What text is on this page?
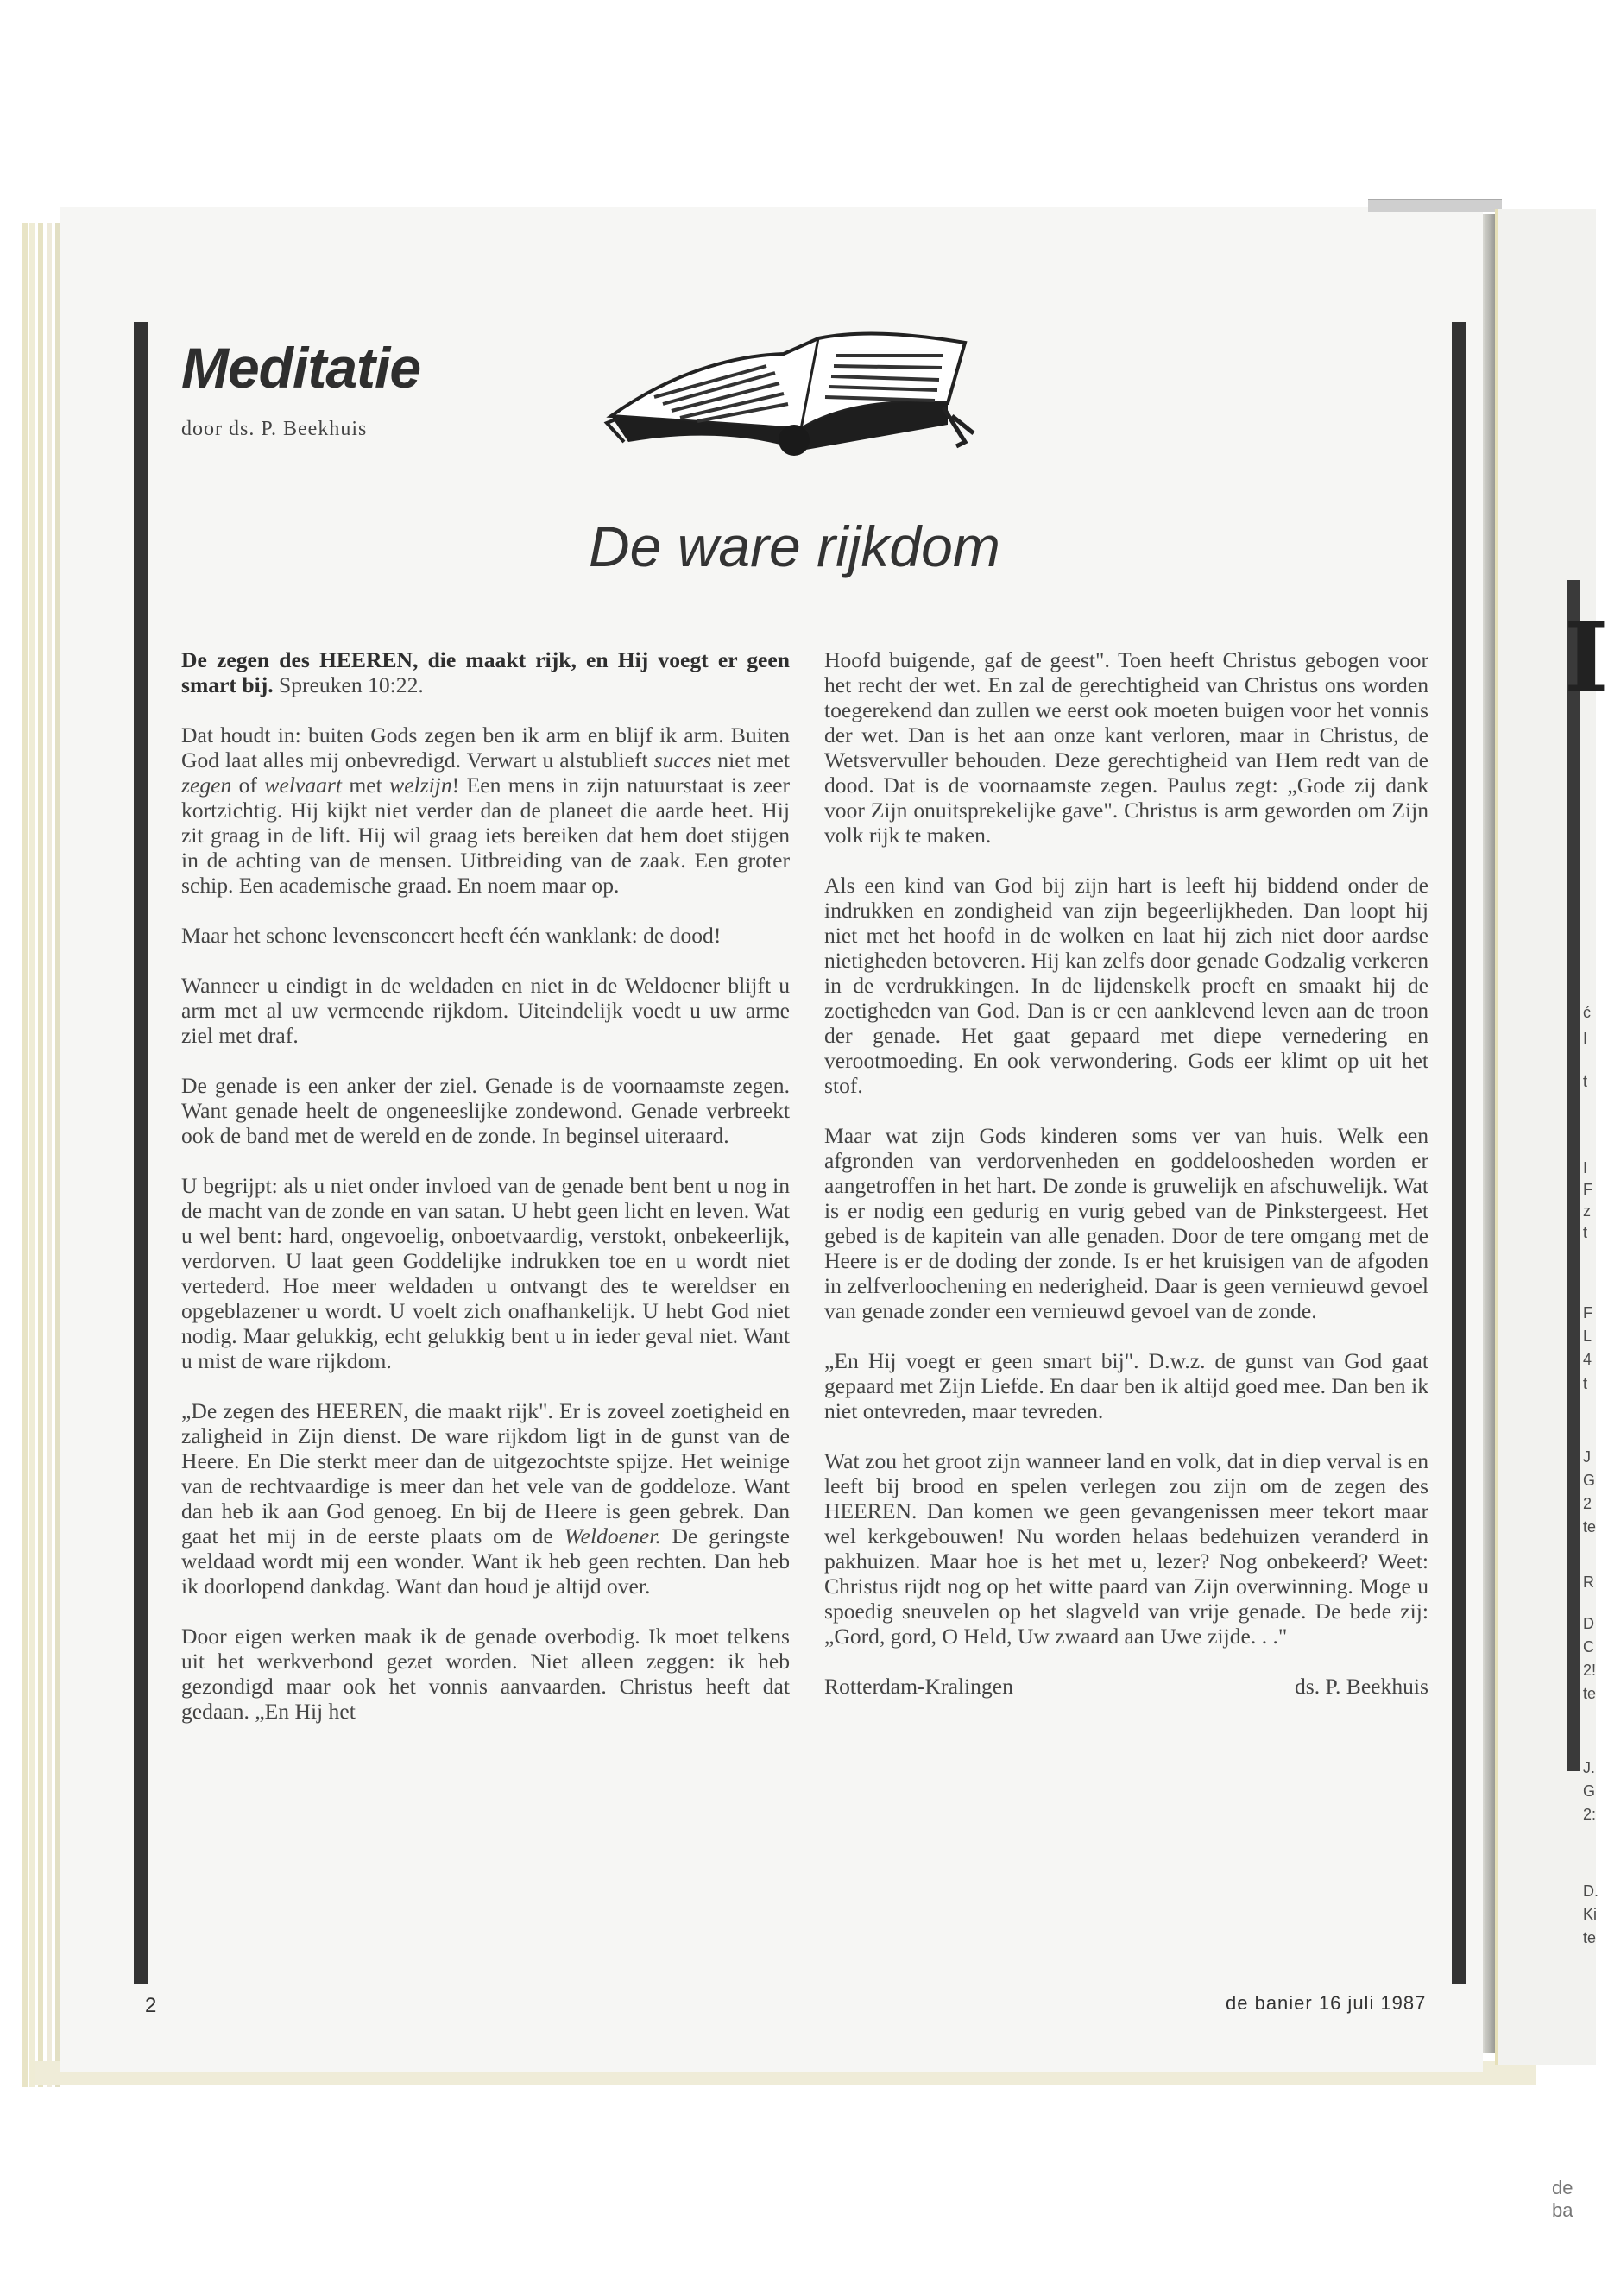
I
ć
I
t
I
F
z
t
F
L
4
t
J
G
2
te
R
D
C
2!
te
J.
G
2:
D.
Ki
te
de ba
Meditatie
door ds. P. Beekhuis
De ware rijkdom

De zegen des HEEREN, die maakt rijk, en Hij voegt er geen smart bij. Spreuken 10:22.

Dat houdt in: buiten Gods zegen ben ik arm en blijf ik arm. Buiten God laat alles mij onbevredigd. Verwart u alstublieft succes niet met zegen of welvaart met welzijn! Een mens in zijn natuurstaat is zeer kortzichtig. Hij kijkt niet verder dan de planeet die aarde heet. Hij zit graag in de lift. Hij wil graag iets bereiken dat hem doet stijgen in de achting van de mensen. Uitbreiding van de zaak. Een groter schip. Een academische graad. En noem maar op.

Maar het schone levensconcert heeft één wanklank: de dood!

Wanneer u eindigt in de weldaden en niet in de Weldoener blijft u arm met al uw vermeende rijkdom. Uiteindelijk voedt u uw arme ziel met draf.

De genade is een anker der ziel. Genade is de voornaamste zegen. Want genade heelt de ongeneeslijke zondewond. Genade verbreekt ook de band met de wereld en de zonde. In beginsel uiteraard.

U begrijpt: als u niet onder invloed van de genade bent bent u nog in de macht van de zonde en van satan. U hebt geen licht en leven. Wat u wel bent: hard, ongevoelig, onboetvaardig, verstokt, onbekeerlijk, verdorven. U laat geen Goddelijke indrukken toe en u wordt niet vertederd. Hoe meer weldaden u ontvangt des te wereldser en opgeblazener u wordt. U voelt zich onafhankelijk. U hebt God niet nodig. Maar gelukkig, echt gelukkig bent u in ieder geval niet. Want u mist de ware rijkdom.

„De zegen des HEEREN, die maakt rijk". Er is zoveel zoetigheid en zaligheid in Zijn dienst. De ware rijkdom ligt in de gunst van de Heere. En Die sterkt meer dan de uitgezochtste spijze. Het weinige van de rechtvaardige is meer dan het vele van de goddeloze. Want dan heb ik aan God genoeg. En bij de Heere is geen gebrek. Dan gaat het mij in de eerste plaats om de Weldoener. De geringste weldaad wordt mij een wonder. Want ik heb geen rechten. Dan heb ik doorlopend dankdag. Want dan houd je altijd over.

Door eigen werken maak ik de genade overbodig. Ik moet telkens uit het werkverbond gezet worden. Niet alleen zeggen: ik heb gezondigd maar ook het vonnis aanvaarden. Christus heeft dat gedaan. „En Hij het

Hoofd buigende, gaf de geest". Toen heeft Christus gebogen voor het recht der wet. En zal de gerechtigheid van Christus ons worden toegerekend dan zullen we eerst ook moeten buigen voor het vonnis der wet. Dan is het aan onze kant verloren, maar in Christus, de Wetsvervuller behouden. Deze gerechtigheid van Hem redt van de dood. Dat is de voornaamste zegen. Paulus zegt: „Gode zij dank voor Zijn onuitsprekelijke gave". Christus is arm geworden om Zijn volk rijk te maken.

Als een kind van God bij zijn hart is leeft hij biddend onder de indrukken en zondigheid van zijn begeerlijkheden. Dan loopt hij niet met het hoofd in de wolken en laat hij zich niet door aardse nietigheden betoveren. Hij kan zelfs door genade Godzalig verkeren in de verdrukkingen. In de lijdenskelk proeft en smaakt hij de zoetigheden van God. Dan is er een aanklevend leven aan de troon der genade. Het gaat gepaard met diepe vernedering en verootmoeding. En ook verwondering. Gods eer klimt op uit het stof.

Maar wat zijn Gods kinderen soms ver van huis. Welk een afgronden van verdorvenheden en goddeloosheden worden er aangetroffen in het hart. De zonde is gruwelijk en afschuwelijk. Wat is er nodig een gedurig en vurig gebed van de Pinkstergeest. Het gebed is de kapitein van alle genaden. Door de tere omgang met de Heere is er de doding der zonde. Is er het kruisigen van de afgoden in zelfverloochening en nederigheid. Daar is geen vernieuwd gevoel van genade zonder een vernieuwd gevoel van de zonde.

„En Hij voegt er geen smart bij". D.w.z. de gunst van God gaat gepaard met Zijn Liefde. En daar ben ik altijd goed mee. Dan ben ik niet ontevreden, maar tevreden.

Wat zou het groot zijn wanneer land en volk, dat in diep verval is en leeft bij brood en spelen verlegen zou zijn om de zegen des HEEREN. Dan komen we geen gevangenissen meer tekort maar wel kerkgebouwen! Nu worden helaas bedehuizen veranderd in pakhuizen. Maar hoe is het met u, lezer? Nog onbekeerd? Weet: Christus rijdt nog op het witte paard van Zijn overwinning. Moge u spoedig sneuvelen op het slagveld van vrije genade. De bede zij: „Gord, gord, O Held, Uw zwaard aan Uwe zijde. . ."

Rotterdam-Kralingen	ds. P. Beekhuis
2	de banier 16 juli 1987
